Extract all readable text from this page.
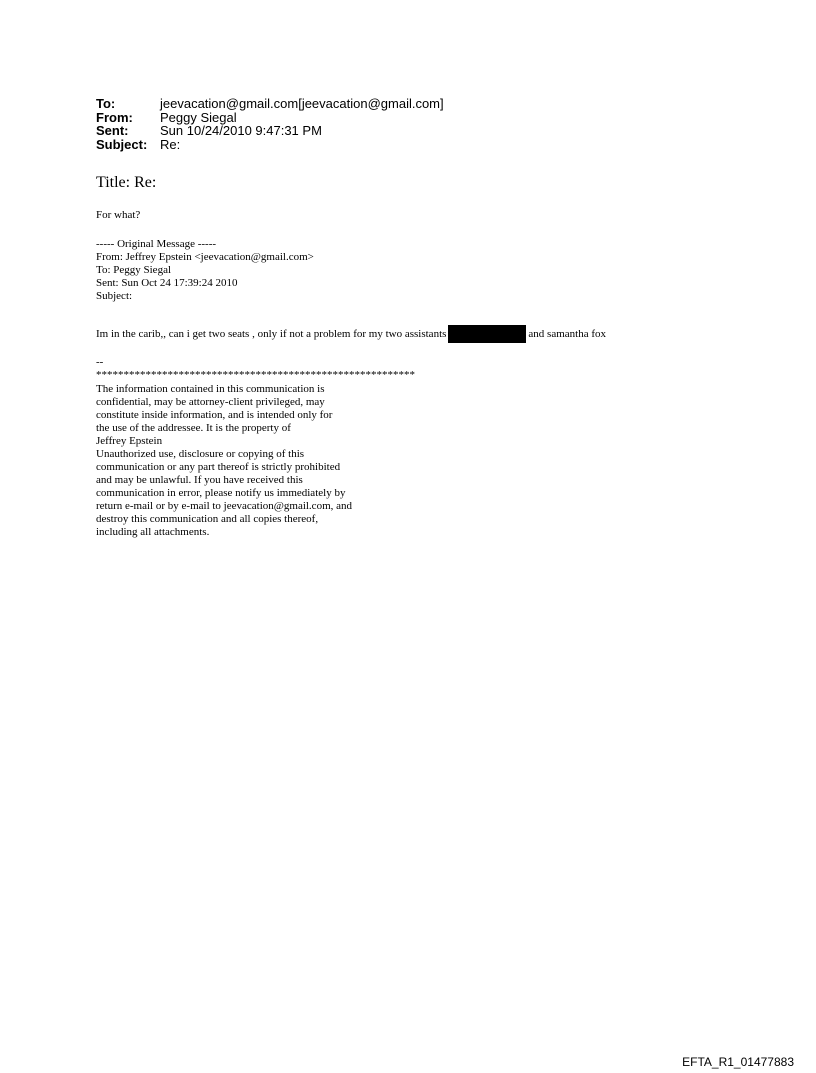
To:	jeevacation@gmail.com[jeevacation@gmail.com]
From:	Peggy Siegal
Sent:	Sun 10/24/2010 9:47:31 PM
Subject: Re:
Title: Re:
For what?
----- Original Message -----
From: Jeffrey Epstein <jeevacation@gmail.com>
To: Peggy Siegal
Sent: Sun Oct 24 17:39:24 2010
Subject:
Im in the carib,, can i get two seats , only if not a problem for my two assistants	and samantha fox
--
**********************************************************
The information contained in this communication is
confidential, may be attorney-client privileged, may
constitute inside information, and is intended only for
the use of the addressee. It is the property of
Jeffrey Epstein
Unauthorized use, disclosure or copying of this
communication or any part thereof is strictly prohibited
and may be unlawful. If you have received this
communication in error, please notify us immediately by
return e-mail or by e-mail to jeevacation@gmail.com, and
destroy this communication and all copies thereof,
including all attachments.
EFTA_R1_01477883
